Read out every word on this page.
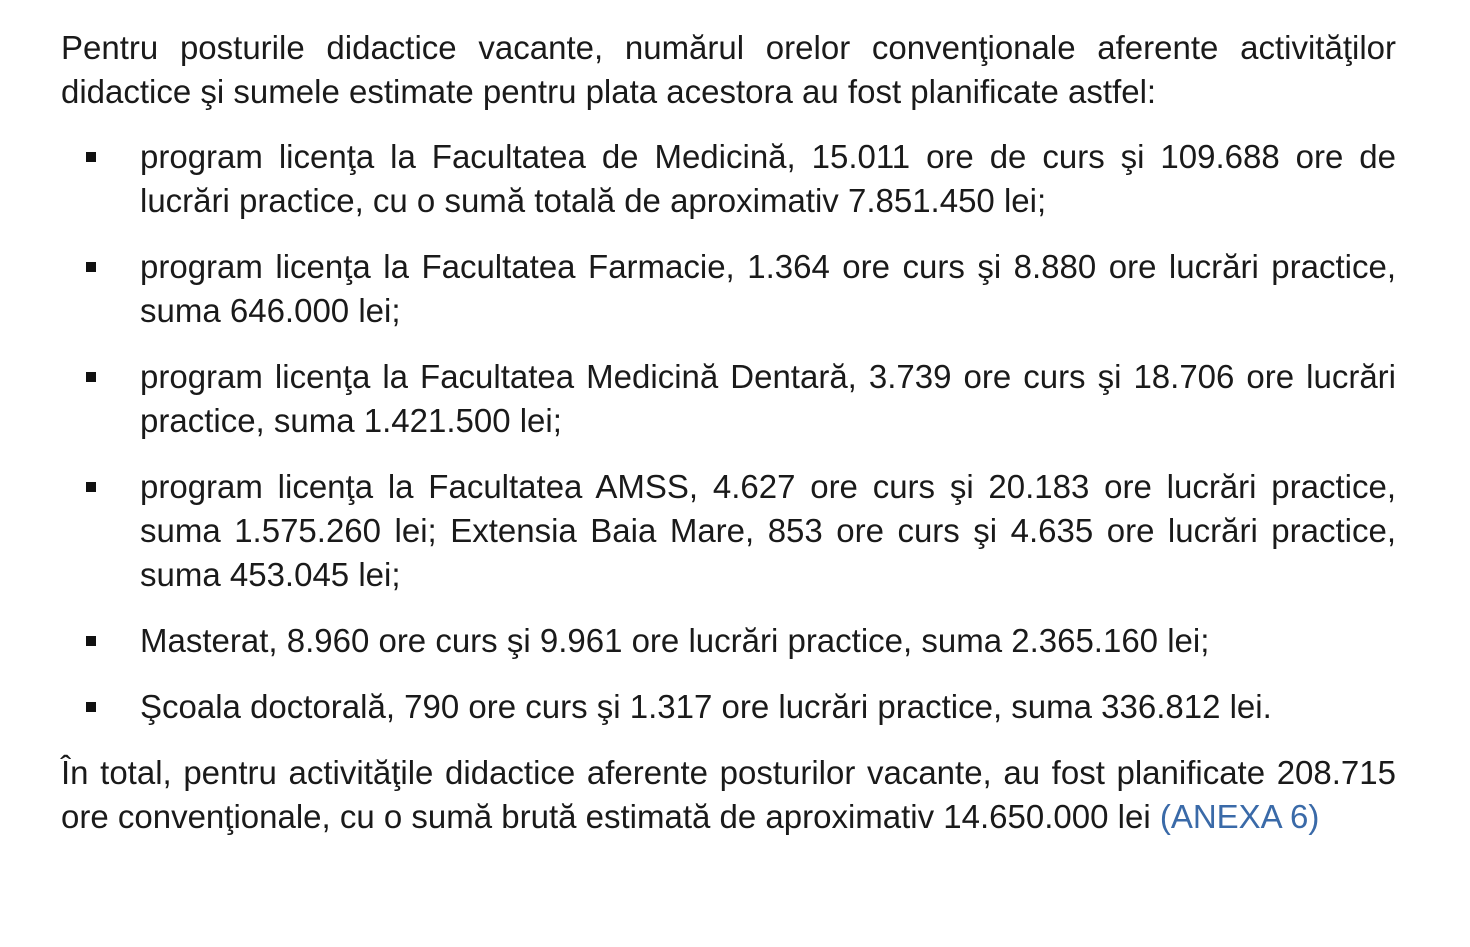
Pentru posturile didactice vacante, numărul orelor convenţionale aferente activităţilor didactice şi sumele estimate pentru plata acestora au fost planificate astfel:

program licenţa la Facultatea de Medicină, 15.011 ore de curs şi 109.688 ore de lucrări practice, cu o sumă totală de aproximativ 7.851.450 lei;
program licenţa la Facultatea Farmacie, 1.364 ore curs şi 8.880 ore lucrări practice, suma 646.000 lei;
program licenţa la Facultatea Medicină Dentară, 3.739 ore curs şi 18.706 ore lucrări practice, suma 1.421.500 lei;
program licenţa la Facultatea AMSS, 4.627 ore curs şi 20.183 ore lucrări practice, suma 1.575.260 lei; Extensia Baia Mare, 853 ore curs şi 4.635 ore lucrări practice, suma 453.045 lei;
Masterat, 8.960 ore curs şi 9.961 ore lucrări practice, suma 2.365.160 lei;
Şcoala doctorală, 790 ore curs şi 1.317 ore lucrări practice, suma 336.812 lei.

În total, pentru activităţile didactice aferente posturilor vacante, au fost planificate 208.715 ore convenţionale, cu o sumă brută estimată de aproximativ 14.650.000 lei (ANEXA 6)
